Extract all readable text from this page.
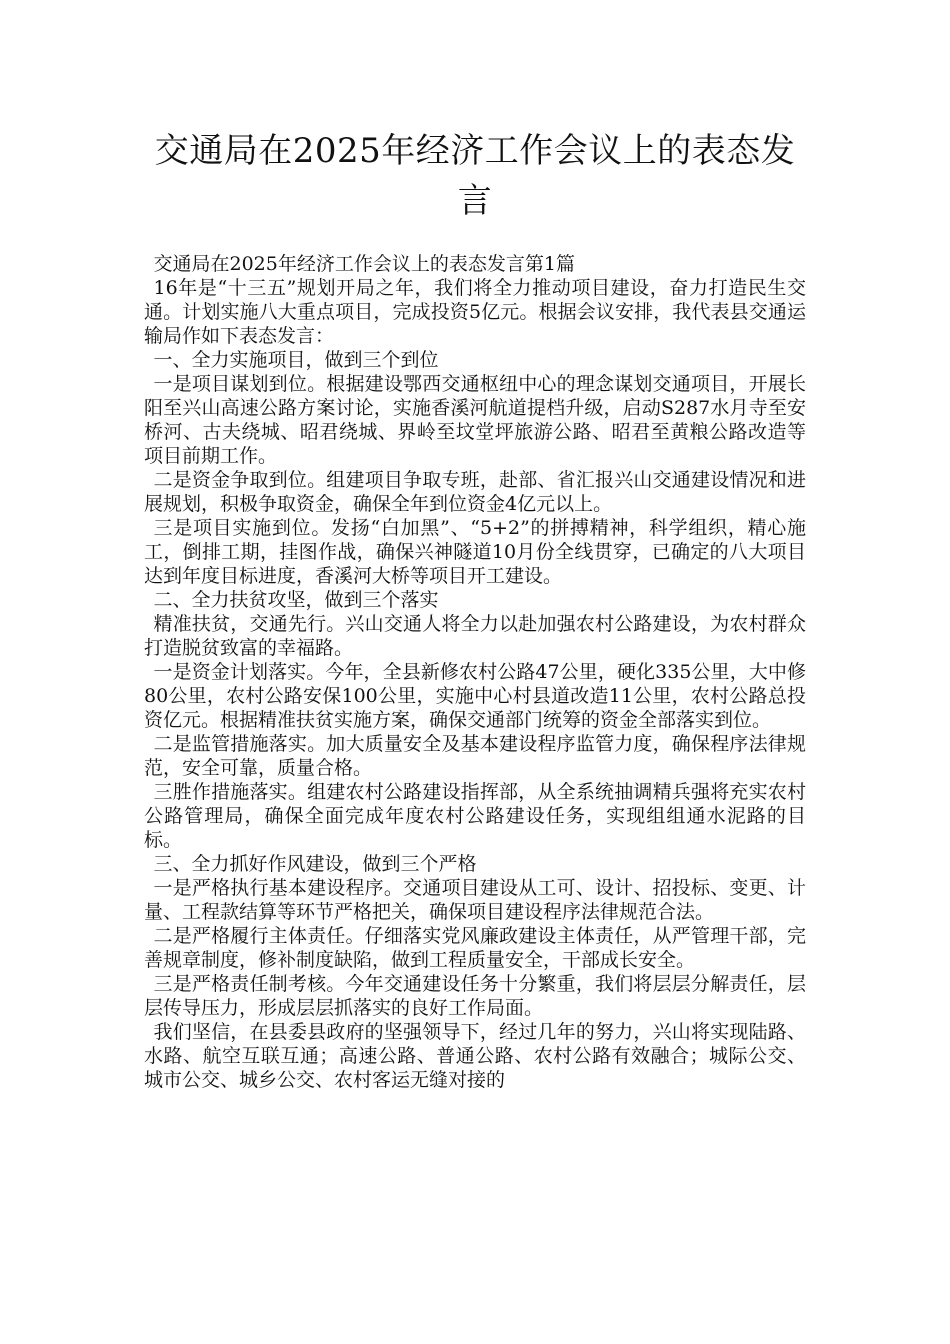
交通局在2025年经济工作会议上的表态发言

交通局在2025年经济工作会议上的表态发言第1篇

16年是“十三五”规划开局之年，我们将全力推动项目建设，奋力打造民生交通。计划实施八大重点项目，完成投资5亿元。根据会议安排，我代表县交通运输局作如下表态发言：

一、全力实施项目，做到三个到位

一是项目谋划到位。根据建设鄂西交通枢纽中心的理念谋划交通项目，开展长阳至兴山高速公路方案讨论，实施香溪河航道提档升级，启动S287水月寺至安桥河、古夫绕城、昭君绕城、界岭至坟堂坪旅游公路、昭君至黄粮公路改造等项目前期工作。

二是资金争取到位。组建项目争取专班，赴部、省汇报兴山交通建设情况和进展规划，积极争取资金，确保全年到位资金4亿元以上。

三是项目实施到位。发扬“白加黑”、“5+2”的拼搏精神，科学组织，精心施工，倒排工期，挂图作战，确保兴神隧道10月份全线贯穿，已确定的八大项目达到年度目标进度，香溪河大桥等项目开工建设。

二、全力扶贫攻坚，做到三个落实

精准扶贫，交通先行。兴山交通人将全力以赴加强农村公路建设，为农村群众打造脱贫致富的幸福路。

一是资金计划落实。今年，全县新修农村公路47公里，硬化335公里，大中修80公里，农村公路安保100公里，实施中心村县道改造11公里，农村公路总投资亿元。根据精准扶贫实施方案，确保交通部门统筹的资金全部落实到位。

二是监管措施落实。加大质量安全及基本建设程序监管力度，确保程序法律规范，安全可靠，质量合格。

三胜作措施落实。组建农村公路建设指挥部，从全系统抽调精兵强将充实农村公路管理局，确保全面完成年度农村公路建设任务，实现组组通水泥路的目标。

三、全力抓好作风建设，做到三个严格

一是严格执行基本建设程序。交通项目建设从工可、设计、招投标、变更、计量、工程款结算等环节严格把关，确保项目建设程序法律规范合法。

二是严格履行主体责任。仔细落实党风廉政建设主体责任，从严管理干部，完善规章制度，修补制度缺陷，做到工程质量安全，干部成长安全。

三是严格责任制考核。今年交通建设任务十分繁重，我们将层层分解责任，层层传导压力，形成层层抓落实的良好工作局面。

我们坚信，在县委县政府的坚强领导下，经过几年的努力，兴山将实现陆路、水路、航空互联互通；高速公路、普通公路、农村公路有效融合；城际公交、城市公交、城乡公交、农村客运无缝对接的
